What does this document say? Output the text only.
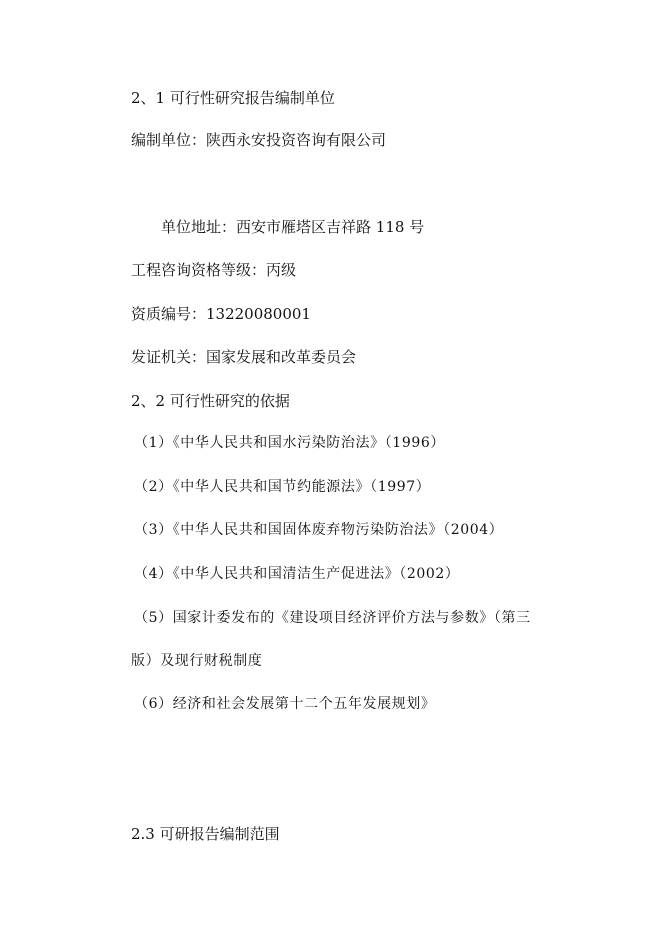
2、1 可行性研究报告编制单位
编制单位：陕西永安投资咨询有限公司
单位地址：西安市雁塔区吉祥路 118 号
工程咨询资格等级：丙级
资质编号：13220080001
发证机关：国家发展和改革委员会
2、2 可行性研究的依据
（1）《中华人民共和国水污染防治法》（1996）
（2）《中华人民共和国节约能源法》（1997）
（3）《中华人民共和国固体废弃物污染防治法》（2004）
（4）《中华人民共和国清洁生产促进法》（2002）
（5）国家计委发布的《建设项目经济评价方法与参数》（第三
版）及现行财税制度
（6）经济和社会发展第十二个五年发展规划》
2.3 可研报告编制范围
